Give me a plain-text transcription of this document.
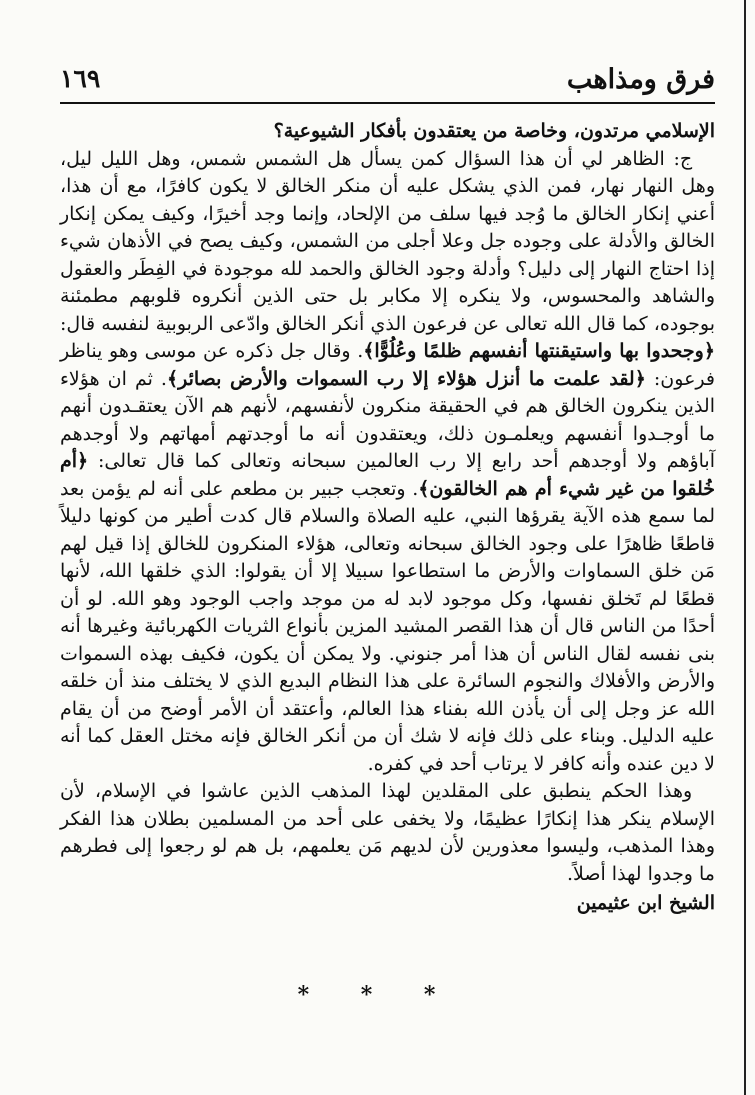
١٦٩	فرق ومذاهب

الإسلامي مرتدون، وخاصة من يعتقدون بأفكار الشيوعية؟

ج: الظاهر لي أن هذا السؤال كمن يسأل هل الشمس شمس، وهل الليل ليل، وهل النهار نهار، فمن الذي يشكل عليه أن منكر الخالق لا يكون كافرًا، مع أن هذا، أعني إنكار الخالق ما وُجد فيها سلف من الإلحاد، وإنما وجد أخيرًا، وكيف يمكن إنكار الخالق والأدلة على وجوده جل وعلا أجلى من الشمس، وكيف يصح في الأذهان شيء إذا احتاج النهار إلى دليل؟ وأدلة وجود الخالق والحمد لله موجودة في الفِطَر والعقول والشاهد والمحسوس، ولا ينكره إلا مكابر بل حتى الذين أنكروه قلوبهم مطمئنة بوجوده، كما قال الله تعالى عن فرعون الذي أنكر الخالق وادّعى الربوبية لنفسه قال: ﴿وجحدوا بها واستيقنتها أنفسهم ظلمًا وعُلُوًّا﴾. وقال جل ذكره عن موسى وهو يناظر فرعون: ﴿لقد علمت ما أنزل هؤلاء إلا رب السموات والأرض بصائر﴾. ثم ان هؤلاء الذين ينكرون الخالق هم في الحقيقة منكرون لأنفسهم، لأنهم هم الآن يعتقـدون أنهم ما أوجـدوا أنفسهم ويعلمـون ذلك، ويعتقدون أنه ما أوجدتهم أمهاتهم ولا أوجدهم آباؤهم ولا أوجدهم أحد رابع إلا رب العالمين سبحانه وتعالى كما قال تعالى: ﴿أم خُلقوا من غير شيء أم هم الخالقون﴾. وتعجب جبير بن مطعم على أنه لم يؤمن بعد لما سمع هذه الآية يقرؤها النبي، عليه الصلاة والسلام قال كدت أطير من كونها دليلاً قاطعًا ظاهرًا على وجود الخالق سبحانه وتعالى، هؤلاء المنكرون للخالق إذا قيل لهم مَن خلق السماوات والأرض ما استطاعوا سبيلا إلا أن يقولوا: الذي خلقها الله، لأنها قطعًا لم تَخلق نفسها، وكل موجود لابد له من موجد واجب الوجود وهو الله. لو أن أحدًا من الناس قال أن هذا القصر المشيد المزين بأنواع الثريات الكهربائية وغيرها أنه بنى نفسه لقال الناس أن هذا أمر جنوني. ولا يمكن أن يكون، فكيف بهذه السموات والأرض والأفلاك والنجوم السائرة على هذا النظام البديع الذي لا يختلف منذ أن خلقه الله عز وجل إلى أن يأذن الله بفناء هذا العالم، وأعتقد أن الأمر أوضح من أن يقام عليه الدليل. وبناء على ذلك فإنه لا شك أن من أنكر الخالق فإنه مختل العقل كما أنه لا دين عنده وأنه كافر لا يرتاب أحد في كفره.

وهذا الحكم ينطبق على المقلدين لهذا المذهب الذين عاشوا في الإسلام، لأن الإسلام ينكر هذا إنكارًا عظيمًا، ولا يخفى على أحد من المسلمين بطلان هذا الفكر وهذا المذهب، وليسوا معذورين لأن لديهم مَن يعلمهم، بل هم لو رجعوا إلى فطرهم ما وجدوا لهذا أصلاً.

الشيخ ابن عثيمين

* * *
